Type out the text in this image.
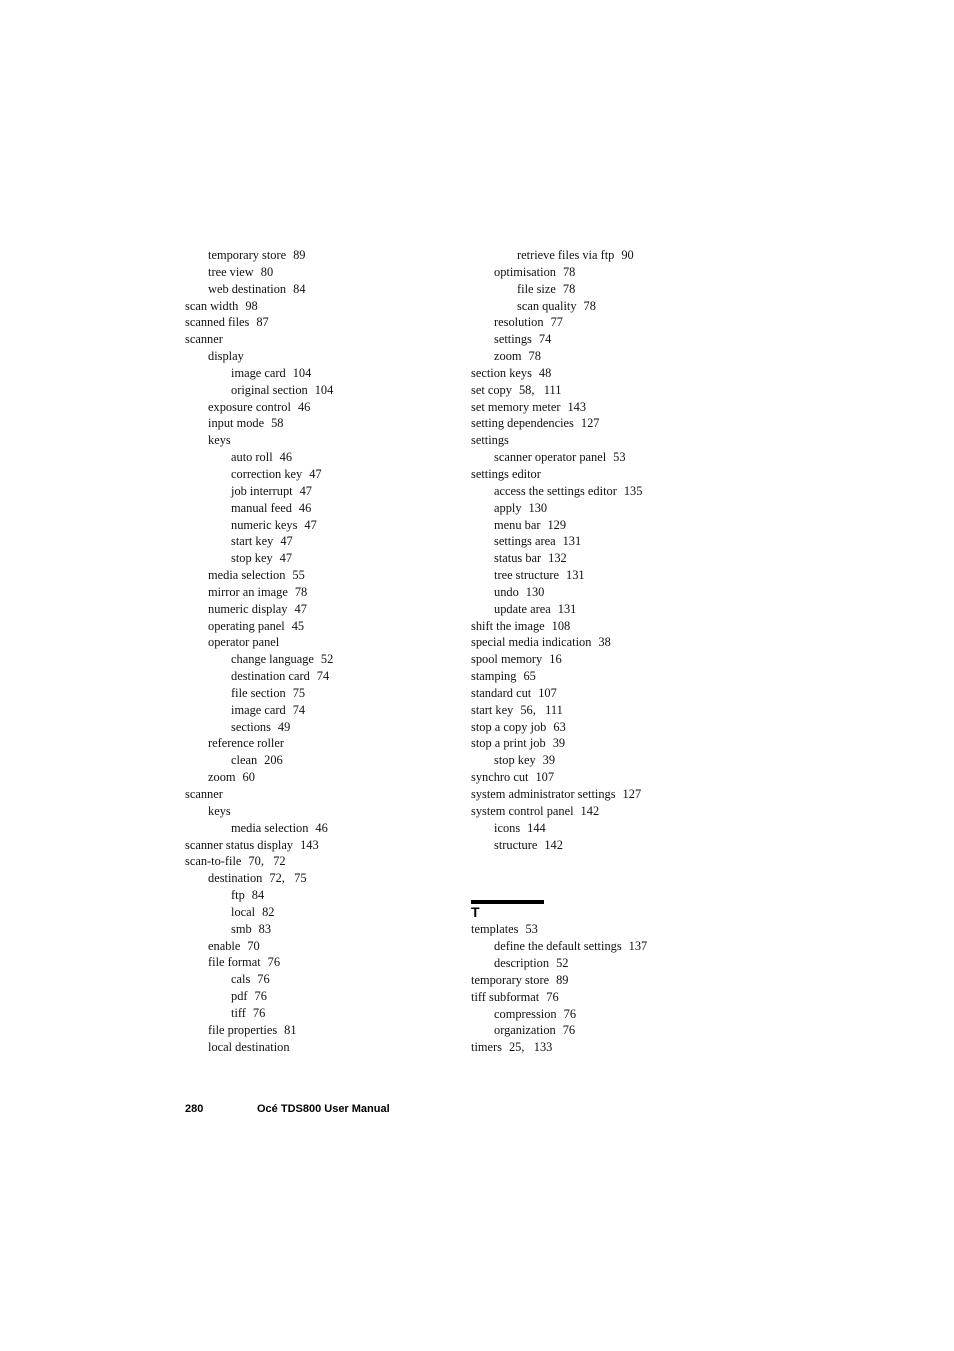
temporary store 89
tree view 80
web destination 84
scan width 98
scanned files 87
scanner
display
image card 104
original section 104
exposure control 46
input mode 58
keys
auto roll 46
correction key 47
job interrupt 47
manual feed 46
numeric keys 47
start key 47
stop key 47
media selection 55
mirror an image 78
numeric display 47
operating panel 45
operator panel
change language 52
destination card 74
file section 75
image card 74
sections 49
reference roller
clean 206
zoom 60
scanner
keys
media selection 46
scanner status display 143
scan-to-file 70,   72
destination 72,   75
ftp 84
local 82
smb 83
enable 70
file format 76
cals 76
pdf 76
tiff 76
file properties 81
local destination
retrieve files via ftp 90
optimisation 78
file size 78
scan quality 78
resolution 77
settings 74
zoom 78
section keys 48
set copy 58,   111
set memory meter 143
setting dependencies 127
settings
scanner operator panel 53
settings editor
access the settings editor 135
apply 130
menu bar 129
settings area 131
status bar 132
tree structure 131
undo 130
update area 131
shift the image 108
special media indication 38
spool memory 16
stamping 65
standard cut 107
start key 56,   111
stop a copy job 63
stop a print job 39
stop key 39
synchro cut 107
system administrator settings 127
system control panel 142
icons 144
structure 142
T
templates 53
define the default settings 137
description 52
temporary store 89
tiff subformat 76
compression 76
organization 76
timers 25,   133
280	Océ TDS800 User Manual
